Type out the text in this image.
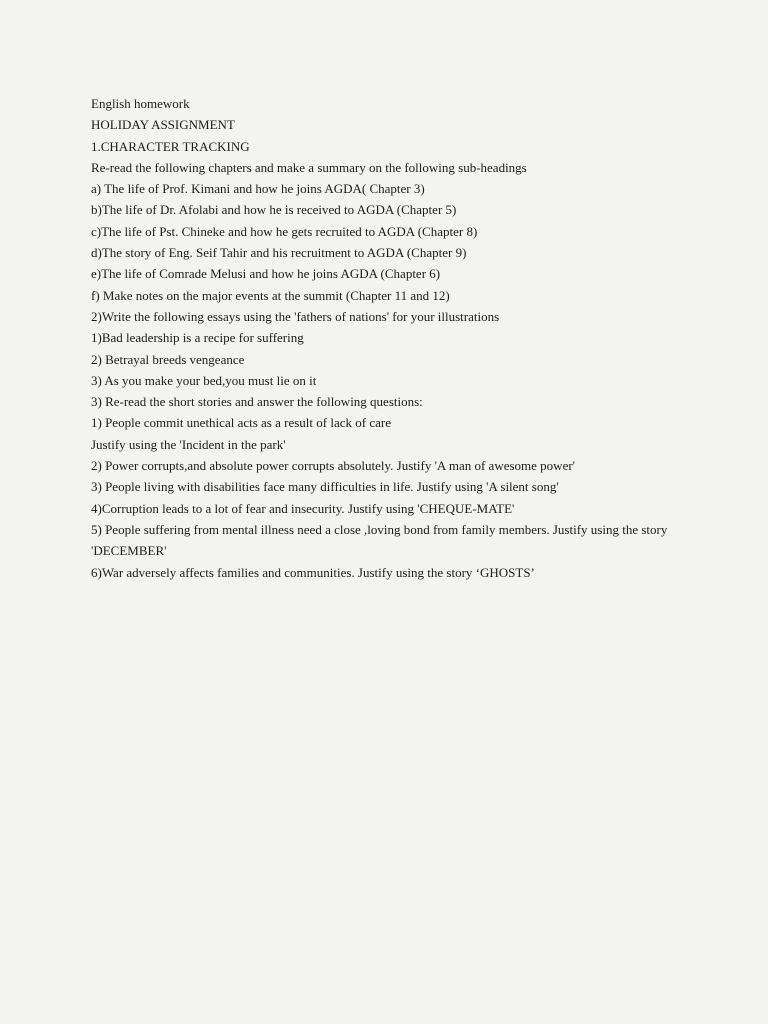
English homework
HOLIDAY ASSIGNMENT
1.CHARACTER TRACKING
Re-read the following chapters and make a summary on the following sub-headings
a) The life of Prof. Kimani and how he joins AGDA( Chapter 3)
b)The life of Dr. Afolabi and how he is received to AGDA (Chapter 5)
c)The life of Pst. Chineke and how he gets recruited to AGDA (Chapter 8)
d)The story of Eng. Seif Tahir and his recruitment to AGDA (Chapter 9)
e)The life of Comrade Melusi and how he joins AGDA (Chapter 6)
f) Make notes on the major events at the summit (Chapter 11 and 12)
2)Write the following essays using the 'fathers of nations' for your illustrations
1)Bad leadership is a recipe for suffering
2) Betrayal breeds vengeance
3) As you make your bed,you must lie on it
3) Re-read the short stories and answer the following questions:
1) People commit unethical acts as a result of lack of care
Justify using the 'Incident in the park'
2) Power corrupts,and absolute power corrupts absolutely. Justify 'A man of awesome power'
3) People living with disabilities face many difficulties in life. Justify using 'A silent song'
4)Corruption leads to a lot of fear and insecurity. Justify using 'CHEQUE-MATE'
5) People suffering from mental illness need a close ,loving bond from family members. Justify using the story 'DECEMBER'
6)War adversely affects families and communities. Justify using the story ‘GHOSTS’
